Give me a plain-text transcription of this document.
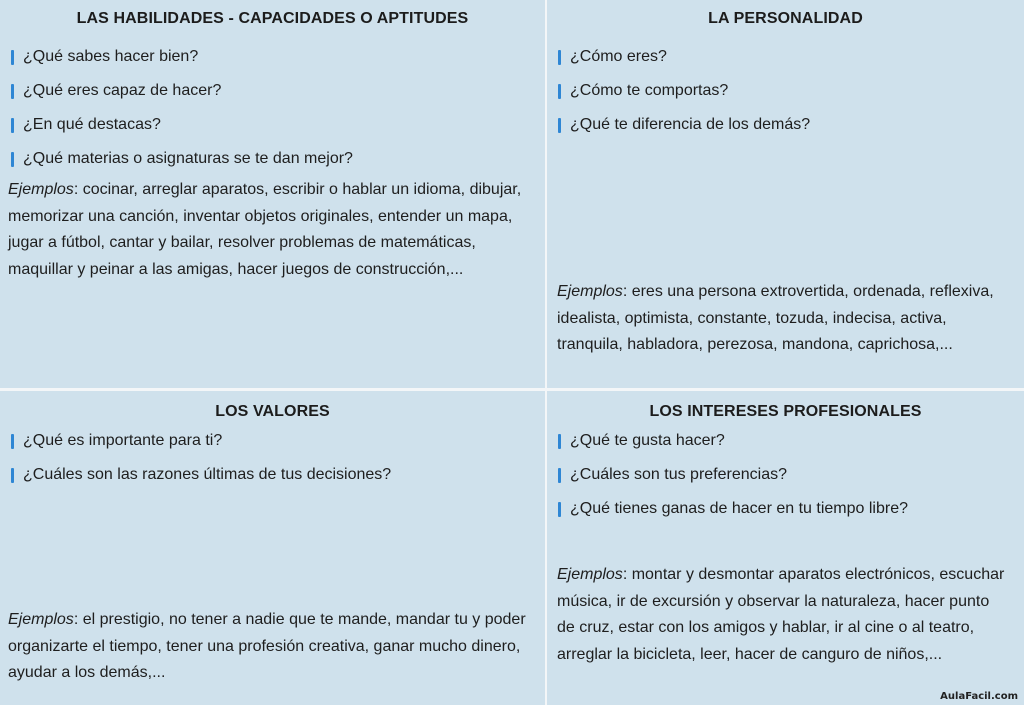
LAS HABILIDADES - CAPACIDADES O APTITUDES
¿Qué sabes hacer bien?
¿Qué eres capaz de hacer?
¿En qué destacas?
¿Qué materias o asignaturas se te dan mejor?

Ejemplos: cocinar, arreglar aparatos, escribir o hablar un idioma, dibujar, memorizar una canción, inventar objetos originales, entender un mapa, jugar a fútbol, cantar y bailar, resolver problemas de matemáticas, maquillar y peinar a las amigas, hacer juegos de construcción,...

LA PERSONALIDAD
¿Cómo eres?
¿Cómo te comportas?
¿Qué te diferencia de los demás?

Ejemplos: eres una persona extrovertida, ordenada, reflexiva, idealista, optimista, constante, tozuda, indecisa, activa, tranquila, habladora, perezosa, mandona, caprichosa,...

LOS VALORES
¿Qué es importante para ti?
¿Cuáles son las razones últimas de tus decisiones?

Ejemplos: el prestigio, no tener a nadie que te mande, mandar tu y poder organizarte el tiempo, tener una profesión creativa, ganar mucho dinero, ayudar a los demás,...

LOS INTERESES PROFESIONALES
¿Qué te gusta hacer?
¿Cuáles son tus preferencias?
¿Qué tienes ganas de hacer en tu tiempo libre?

Ejemplos: montar y desmontar aparatos electrónicos, escuchar música, ir de excursión y observar la naturaleza, hacer punto de cruz, estar con los amigos y hablar, ir al cine o al teatro, arreglar la bicicleta, leer, hacer de canguro de niños,...

AulaFacil.com
